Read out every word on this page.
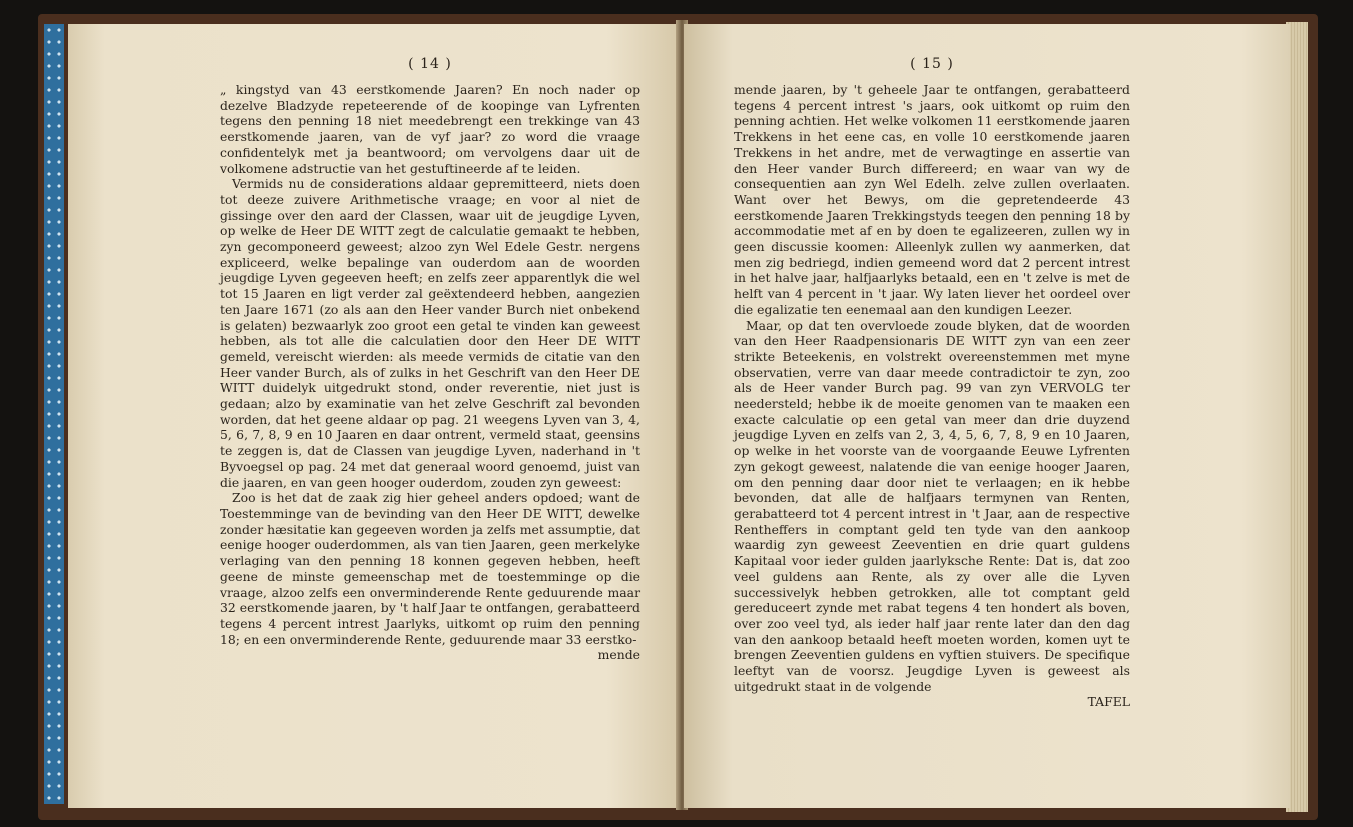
( 14 )

„ kingstyd van 43 eerstkomende Jaaren? En noch nader op dezelve Bladzyde repeteerende of de koopinge van Lyfrenten tegens den penning 18 niet meedebrengt een trekkinge van 43 eerstkomende jaaren, van de vyf jaar? zo word die vraage confidentelyk met ja beantwoord; om vervolgens daar uit de volkomene adstructie van het gestuftineerde af te leiden.

Vermids nu de considerations aldaar gepremitteerd, niets doen tot deeze zuivere Arithmetische vraage; en voor al niet de gissinge over den aard der Classen, waar uit de jeugdige Lyven, op welke de Heer DE WITT zegt de calculatie gemaakt te hebben, zyn gecomponeerd geweest; alzoo zyn Wel Edele Gestr. nergens expliceerd, welke bepalinge van ouderdom aan de woorden jeugdige Lyven gegeeven heeft; en zelfs zeer apparentlyk die wel tot 15 Jaaren en ligt verder zal geëxtendeerd hebben, aangezien ten Jaare 1671 (zo als aan den Heer vander Burch niet onbekend is gelaten) bezwaarlyk zoo groot een getal te vinden kan geweest hebben, als tot alle die calculatien door den Heer DE WITT gemeld, vereischt wierden: als meede vermids de citatie van den Heer vander Burch, als of zulks in het Geschrift van den Heer DE WITT duidelyk uitgedrukt stond, onder reverentie, niet just is gedaan; alzo by examinatie van het zelve Geschrift zal bevonden worden, dat het geene aldaar op pag. 21 weegens Lyven van 3, 4, 5, 6, 7, 8, 9 en 10 Jaaren en daar ontrent, vermeld staat, geensins te zeggen is, dat de Classen van jeugdige Lyven, naderhand in 't Byvoegsel op pag. 24 met dat generaal woord genoemd, juist van die jaaren, en van geen hooger ouderdom, zouden zyn geweest:

Zoo is het dat de zaak zig hier geheel anders opdoed; want de Toestemminge van de bevinding van den Heer DE WITT, dewelke zonder hæsitatie kan gegeeven worden ja zelfs met assumptie, dat eenige hooger ouderdommen, als van tien Jaaren, geen merkelyke verlaging van den penning 18 konnen gegeven hebben, heeft geene de minste gemeenschap met de toestemminge op die vraage, alzoo zelfs een onverminderende Rente geduurende maar 32 eerstkomende jaaren, by 't half Jaar te ontfangen, gerabatteerd tegens 4 percent intrest Jaarlyks, uitkomt op ruim den penning 18; en een onverminderende Rente, geduurende maar 33 eerstko-

mende
( 15 )

mende jaaren, by 't geheele Jaar te ontfangen, gerabatteerd tegens 4 percent intrest 's jaars, ook uitkomt op ruim den penning achtien. Het welke volkomen 11 eerstkomende jaaren Trekkens in het eene cas, en volle 10 eerstkomende jaaren Trekkens in het andre, met de verwagtinge en assertie van den Heer vander Burch differeerd; en waar van wy de consequentien aan zyn Wel Edelh. zelve zullen overlaaten. Want over het Bewys, om die gepretendeerde 43 eerstkomende Jaaren Trekkingstyds teegen den penning 18 by accommodatie met af en by doen te egalizeeren, zullen wy in geen discussie koomen: Alleenlyk zullen wy aanmerken, dat men zig bedriegd, indien gemeend word dat 2 percent intrest in het halve jaar, halfjaarlyks betaald, een en 't zelve is met de helft van 4 percent in 't jaar. Wy laten liever het oordeel over die egalizatie ten eenemaal aan den kundigen Leezer.

Maar, op dat ten overvloede zoude blyken, dat de woorden van den Heer Raadpensionaris DE WITT zyn van een zeer strikte Beteekenis, en volstrekt overeenstemmen met myne observatien, verre van daar meede contradictoir te zyn, zoo als de Heer vander Burch pag. 99 van zyn VERVOLG ter needersteld; hebbe ik de moeite genomen van te maaken een exacte calculatie op een getal van meer dan drie duyzend jeugdige Lyven en zelfs van 2, 3, 4, 5, 6, 7, 8, 9 en 10 Jaaren, op welke in het voorste van de voorgaande Eeuwe Lyfrenten zyn gekogt geweest, nalatende die van eenige hooger Jaaren, om den penning daar door niet te verlaagen; en ik hebbe bevonden, dat alle de halfjaars termynen van Renten, gerabatteerd tot 4 percent intrest in 't Jaar, aan de respective Rentheffers in comptant geld ten tyde van den aankoop waardig zyn geweest Zeeventien en drie quart guldens Kapitaal voor ieder gulden jaarlyksche Rente: Dat is, dat zoo veel guldens aan Rente, als zy over alle die Lyven successivelyk hebben getrokken, alle tot comptant geld gereduceert zynde met rabat tegens 4 ten hondert als boven, over zoo veel tyd, als ieder half jaar rente later dan den dag van den aankoop betaald heeft moeten worden, komen uyt te brengen Zeeventien guldens en vyftien stuivers. De specifique leeftyt van de voorsz. Jeugdige Lyven is geweest als uitgedrukt staat in de volgende

TAFEL
